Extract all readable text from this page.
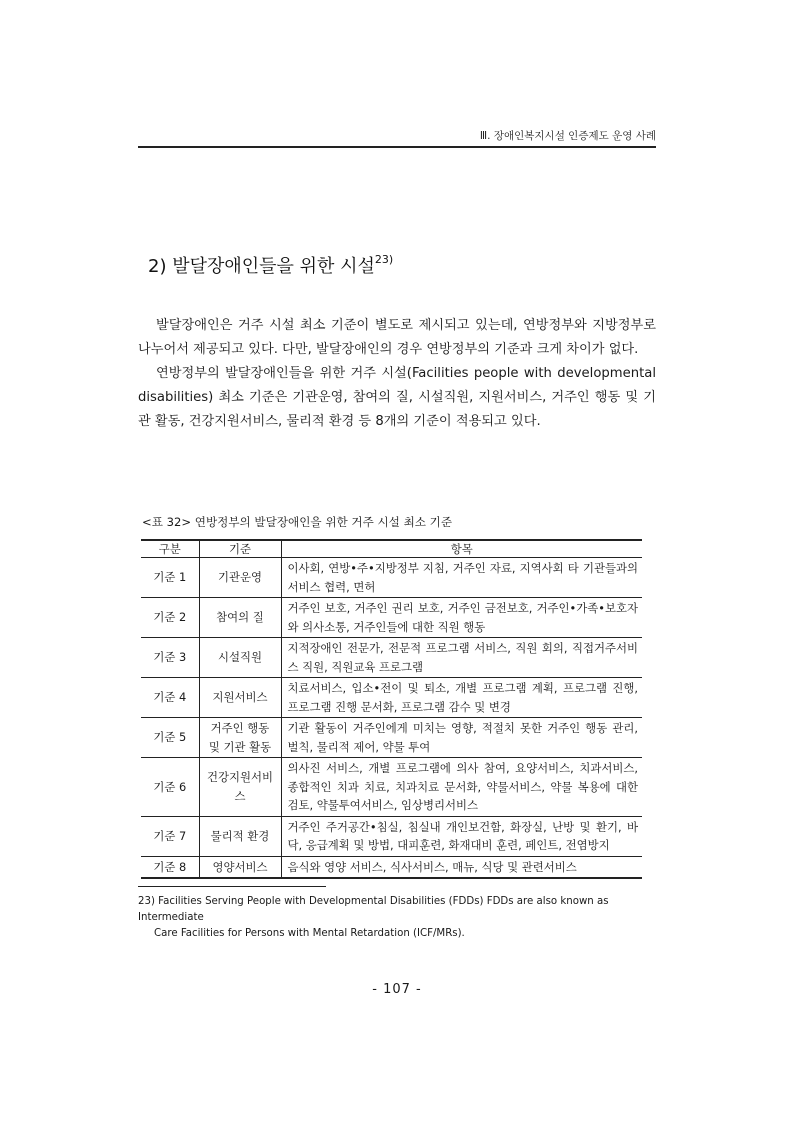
Ⅲ. 장애인복지시설 인증제도 운영 사례
2) 발달장애인들을 위한 시설$^{23)}$

발달장애인은 거주 시설 최소 기준이 별도로 제시되고 있는데, 연방정부와 지방정부로 나누어서 제공되고 있다. 다만, 발달장애인의 경우 연방정부의 기준과 크게 차이가 없다.

연방정부의 발달장애인들을 위한 거주 시설(Facilities people with developmental disabilities) 최소 기준은 기관운영, 참여의 질, 시설직원, 지원서비스, 거주인 행동 및 기관 활동, 건강지원서비스, 물리적 환경 등 8개의 기준이 적용되고 있다.

<표 32> 연방정부의 발달장애인을 위한 거주 시설 최소 기준
구분	기준	항목
기준 1	기관운영	이사회, 연방•주•지방정부 지침, 거주인 자료, 지역사회 타 기관들과의 서비스 협력, 면허
기준 2	참여의 질	거주인 보호, 거주인 권리 보호, 거주인 금전보호, 거주인•가족•보호자와 의사소통, 거주인들에 대한 직원 행동
기준 3	시설직원	지적장애인 전문가, 전문적 프로그램 서비스, 직원 회의, 직접거주서비스 직원, 직원교육 프로그램
기준 4	지원서비스	치료서비스, 입소•전이 및 퇴소, 개별 프로그램 계획, 프로그램 진행, 프로그램 진행 문서화, 프로그램 감수 및 변경
기준 5	거주인 행동 및 기관 활동	기관 활동이 거주인에게 미치는 영향, 적절치 못한 거주인 행동 관리, 벌칙, 물리적 제어, 약물 투여
기준 6	건강지원서비스	의사진 서비스, 개별 프로그램에 의사 참여, 요양서비스, 치과서비스, 종합적인 치과 치료, 치과치료 문서화, 약물서비스, 약물 복용에 대한 검토, 약물투여서비스, 임상병리서비스
기준 7	물리적 환경	거주인 주거공간•침실, 침실내 개인보건함, 화장실, 난방 및 환기, 바닥, 응급계획 및 방법, 대피훈련, 화재대비 훈련, 페인트, 전염방지
기준 8	영양서비스	음식와 영양 서비스, 식사서비스, 매뉴, 식당 및 관련서비스
23) Facilities Serving People with Developmental Disabilities (FDDs) FDDs are also known as Intermediate
Care Facilities for Persons with Mental Retardation (ICF/MRs).
- 107 -
